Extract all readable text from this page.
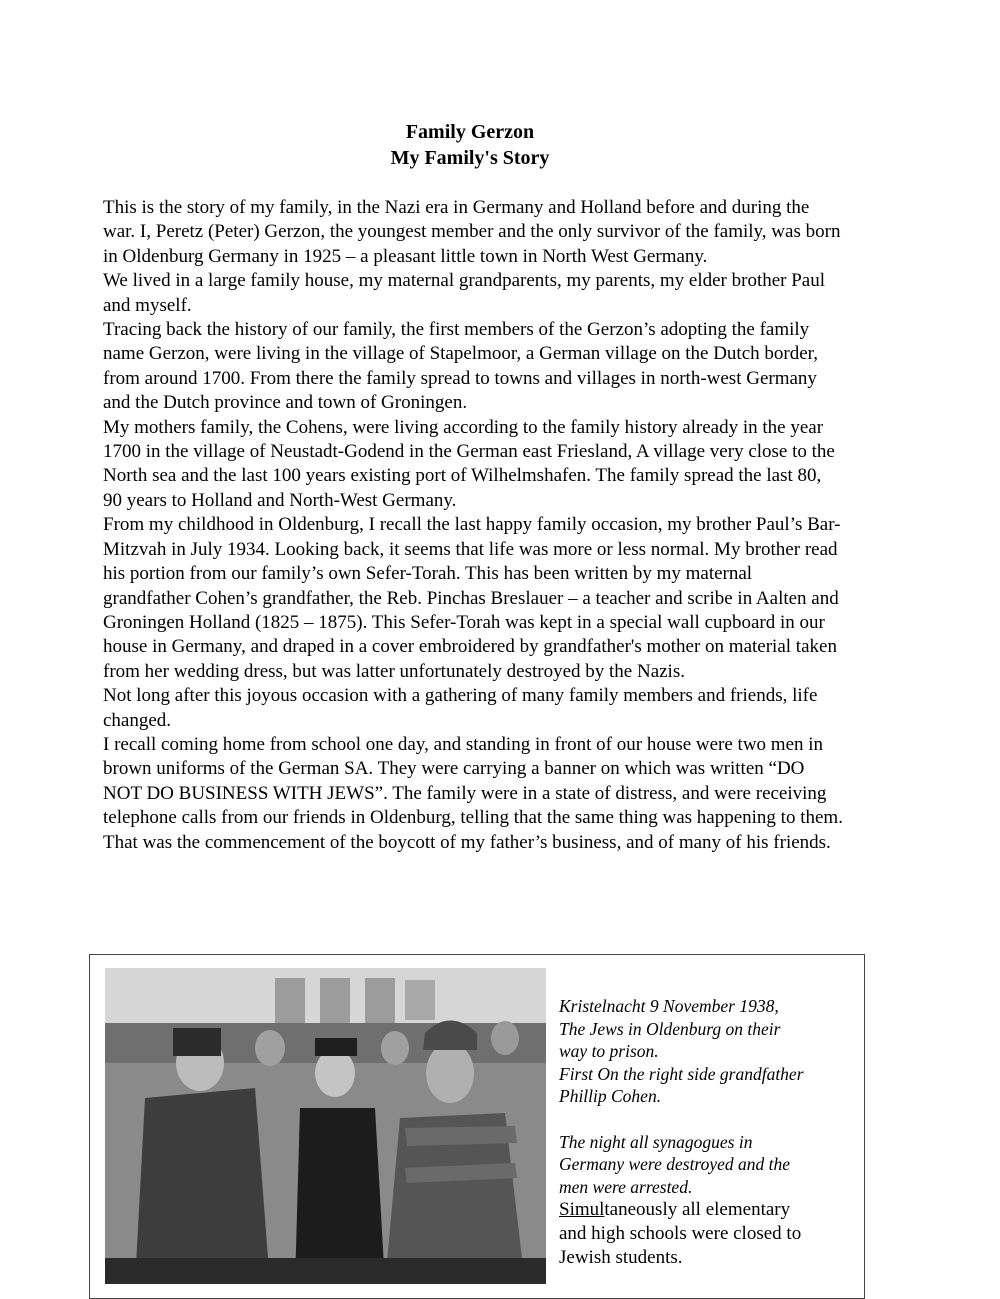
Family Gerzon
My Family's Story

This is the story of my family, in the Nazi era in Germany and Holland before and during the war. I, Peretz (Peter) Gerzon, the youngest member and the only survivor of the family, was born in Oldenburg Germany in 1925 – a pleasant little town in North West Germany.

We lived in a large family house, my maternal grandparents, my parents, my elder brother Paul and myself.

Tracing back the history of our family, the first members of the Gerzon’s adopting the family name Gerzon, were living in the village of Stapelmoor, a German village on the Dutch border, from around 1700. From there the family spread to towns and villages in north-west Germany and the Dutch province and town of Groningen.

My mothers family, the Cohens, were living according to the family history already in the year 1700 in the village of Neustadt-Godend in the German east Friesland, A village very close to the North sea and the last 100 years existing port of Wilhelmshafen. The family spread the last 80, 90 years to Holland and North-West Germany.

From my childhood in Oldenburg, I recall the last happy family occasion, my brother Paul’s Bar-Mitzvah in July 1934. Looking back, it seems that life was more or less normal. My brother read his portion from our family’s own Sefer-Torah. This has been written by my maternal grandfather Cohen’s grandfather, the Reb. Pinchas Breslauer – a teacher and scribe in Aalten and Groningen Holland (1825 – 1875). This Sefer-Torah was kept in a special wall cupboard in our house in Germany, and draped in a cover embroidered by grandfather's mother on material taken from her wedding dress, but was latter unfortunately destroyed by the Nazis.

Not long after this joyous occasion with a gathering of many family members and friends, life changed.

I recall coming home from school one day, and standing in front of our house were two men in brown uniforms of the German SA. They were carrying a banner on which was written “DO NOT DO BUSINESS WITH JEWS”. The family were in a state of distress, and were receiving telephone calls from our friends in Oldenburg, telling that the same thing was happening to them. That was the commencement of the boycott of my father’s business, and of many of his friends.

Kristelnacht 9 November 1938,
The Jews in Oldenburg on their
way to prison.
First On the right side grandfather
Phillip Cohen.
The night all synagogues in
Germany were destroyed and the
men were arrested.
Simultaneously all elementary
and high schools were closed to
Jewish students.
